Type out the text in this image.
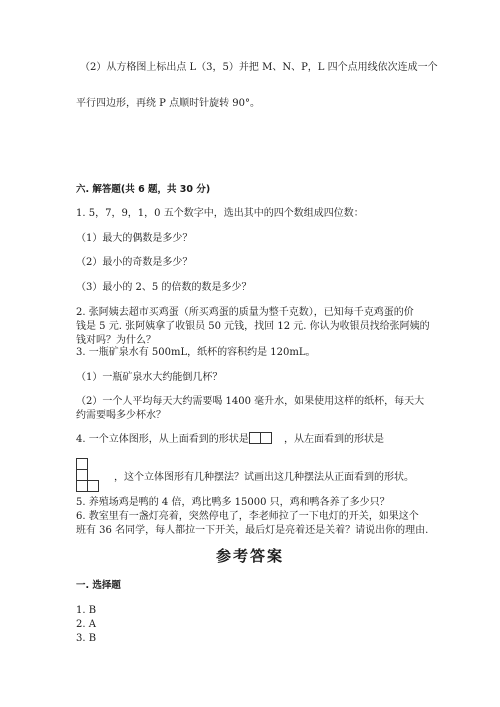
（2）从方格图上标出点 L（3，5）并把 M、N、P，L 四个点用线依次连成一个
平行四边形，再绕 P 点顺时针旋转 90°。
六. 解答题(共 6 题，共 30 分)
1. 5，7，9，1，0 五个数字中，选出其中的四个数组成四位数：
（1）最大的偶数是多少？
（2）最小的奇数是多少？
（3）最小的 2、5 的倍数的数是多少？
2. 张阿姨去超市买鸡蛋（所买鸡蛋的质量为整千克数），已知每千克鸡蛋的价
钱是 5 元. 张阿姨拿了收银员 50 元钱，找回 12 元. 你认为收银员找给张阿姨的
钱对吗？为什么？
3. 一瓶矿泉水有 500mL，纸杯的容积约是 120mL。
（1）一瓶矿泉水大约能倒几杯？
（2）一个人平均每天大约需要喝 1400 毫升水，如果使用这样的纸杯，每天大
约需要喝多少杯水？
4. 一个立体图形，从上面看到的形状是	，从左面看到的形状是
，这个立体图形有几种摆法？试画出这几种摆法从正面看到的形状。
5. 养殖场鸡是鸭的 4 倍，鸡比鸭多 15000 只，鸡和鸭各养了多少只？
6. 教室里有一盏灯亮着，突然停电了，李老师拉了一下电灯的开关，如果这个
班有 36 名同学，每人都拉一下开关，最后灯是亮着还是关着？请说出你的理由.
参考答案
一. 选择题
1. B
2. A
3. B
